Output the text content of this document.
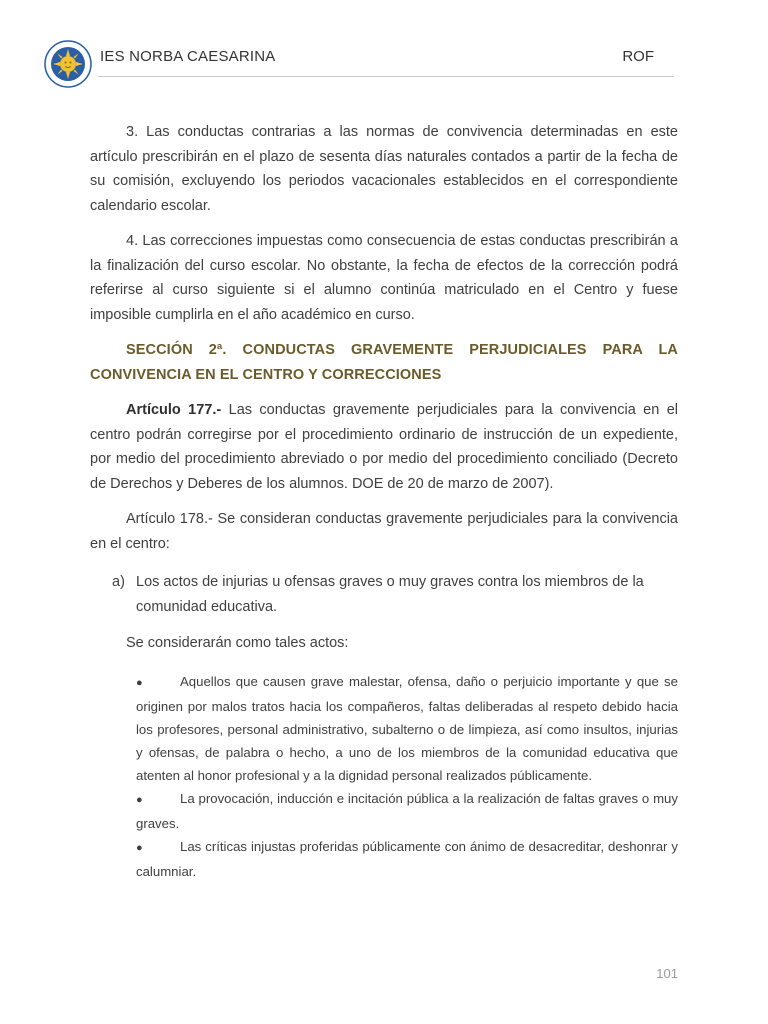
IES NORBA CAESARINA	ROF

3. Las conductas contrarias a las normas de convivencia determinadas en este artículo prescribirán en el plazo de sesenta días naturales contados a partir de la fecha de su comisión, excluyendo los periodos vacacionales establecidos en el correspondiente calendario escolar.

4. Las correcciones impuestas como consecuencia de estas conductas prescribirán a la finalización del curso escolar. No obstante, la fecha de efectos de la corrección podrá referirse al curso siguiente si el alumno continúa matriculado en el Centro y fuese imposible cumplirla en el año académico en curso.

SECCIÓN 2ª. CONDUCTAS GRAVEMENTE PERJUDICIALES PARA LA CONVIVENCIA EN EL CENTRO Y CORRECCIONES

Artículo 177.- Las conductas gravemente perjudiciales para la convivencia en el centro podrán corregirse por el procedimiento ordinario de instrucción de un expediente, por medio del procedimiento abreviado o por medio del procedimiento conciliado (Decreto de Derechos y Deberes de los alumnos. DOE de 20 de marzo de 2007).

Artículo 178.- Se consideran conductas gravemente perjudiciales para la convivencia en el centro:

a) Los actos de injurias u ofensas graves o muy graves contra los miembros de la comunidad educativa.

Se considerarán como tales actos:

●	Aquellos que causen grave malestar, ofensa, daño o perjuicio importante y que se originen por malos tratos hacia los compañeros, faltas deliberadas al respeto debido hacia los profesores, personal administrativo, subalterno o de limpieza, así como insultos, injurias y ofensas, de palabra o hecho, a uno de los miembros de la comunidad educativa que atenten al honor profesional y a la dignidad personal realizados públicamente.

●	La provocación, inducción e incitación pública a la realización de faltas graves o muy graves.

●	Las críticas injustas proferidas públicamente con ánimo de desacreditar, deshonrar y calumniar.

101
